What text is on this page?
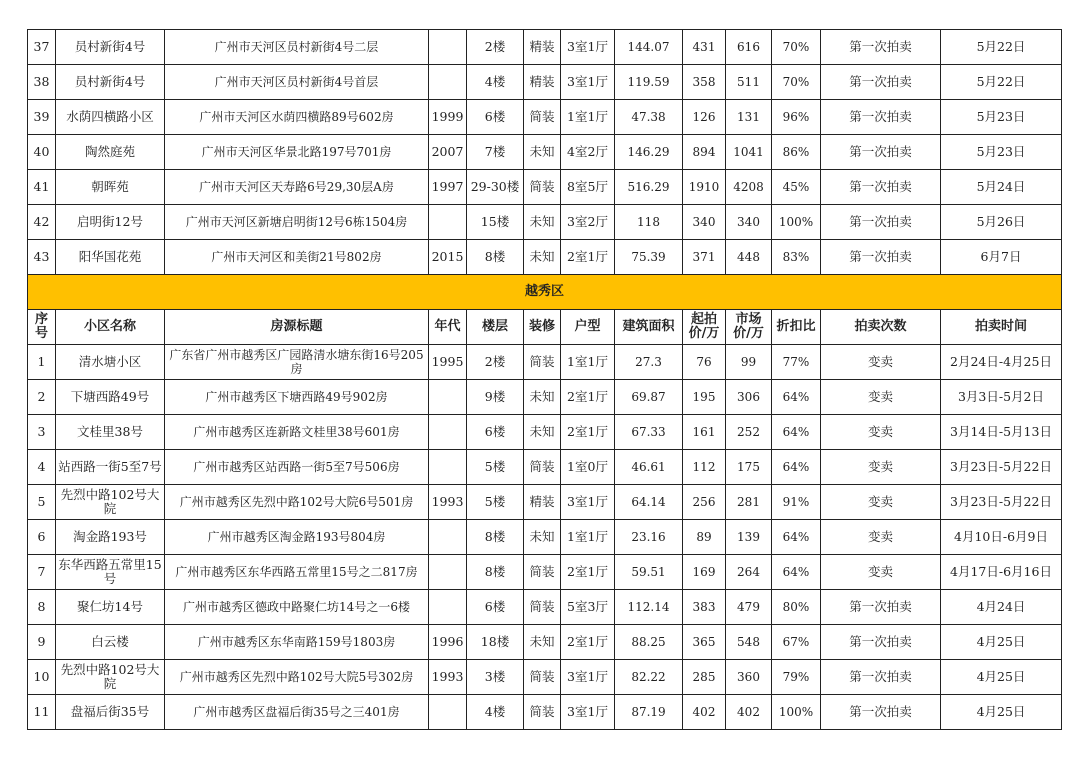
37	员村新街4号	广州市天河区员村新街4号二层		2楼	精装	3室1厅	144.07	431	616	70%	第一次拍卖	5月22日
38	员村新街4号	广州市天河区员村新街4号首层		4楼	精装	3室1厅	119.59	358	511	70%	第一次拍卖	5月22日
39	水荫四横路小区	广州市天河区水荫四横路89号602房	1999	6楼	简装	1室1厅	47.38	126	131	96%	第一次拍卖	5月23日
40	陶然庭苑	广州市天河区华景北路197号701房	2007	7楼	未知	4室2厅	146.29	894	1041	86%	第一次拍卖	5月23日
41	朝晖苑	广州市天河区天寿路6号29,30层A房	1997	29-30楼	简装	8室5厅	516.29	1910	4208	45%	第一次拍卖	5月24日
42	启明街12号	广州市天河区新塘启明街12号6栋1504房		15楼	未知	3室2厅	118	340	340	100%	第一次拍卖	5月26日
43	阳华国花苑	广州市天河区和美街21号802房	2015	8楼	未知	2室1厅	75.39	371	448	83%	第一次拍卖	6月7日
越秀区												
序号	小区名称	房源标题	年代	楼层	装修	户型	建筑面积	起拍价/万	市场价/万	折扣比	拍卖次数	拍卖时间
1	清水塘小区	广东省广州市越秀区广园路清水塘东街16号205房	1995	2楼	简装	1室1厅	27.3	76	99	77%	变卖	2月24日-4月25日
2	下塘西路49号	广州市越秀区下塘西路49号902房		9楼	未知	2室1厅	69.87	195	306	64%	变卖	3月3日-5月2日
3	文桂里38号	广州市越秀区连新路文桂里38号601房		6楼	未知	2室1厅	67.33	161	252	64%	变卖	3月14日-5月13日
4	站西路一街5至7号	广州市越秀区站西路一街5至7号506房		5楼	简装	1室0厅	46.61	112	175	64%	变卖	3月23日-5月22日
5	先烈中路102号大院	广州市越秀区先烈中路102号大院6号501房	1993	5楼	精装	3室1厅	64.14	256	281	91%	变卖	3月23日-5月22日
6	淘金路193号	广州市越秀区淘金路193号804房		8楼	未知	1室1厅	23.16	89	139	64%	变卖	4月10日-6月9日
7	东华西路五常里15号	广州市越秀区东华西路五常里15号之二817房		8楼	简装	2室1厅	59.51	169	264	64%	变卖	4月17日-6月16日
8	聚仁坊14号	广州市越秀区德政中路聚仁坊14号之一6楼		6楼	简装	5室3厅	112.14	383	479	80%	第一次拍卖	4月24日
9	白云楼	广州市越秀区东华南路159号1803房	1996	18楼	未知	2室1厅	88.25	365	548	67%	第一次拍卖	4月25日
10	先烈中路102号大院	广州市越秀区先烈中路102号大院5号302房	1993	3楼	简装	3室1厅	82.22	285	360	79%	第一次拍卖	4月25日
11	盘福后街35号	广州市越秀区盘福后街35号之三401房		4楼	简装	3室1厅	87.19	402	402	100%	第一次拍卖	4月25日
